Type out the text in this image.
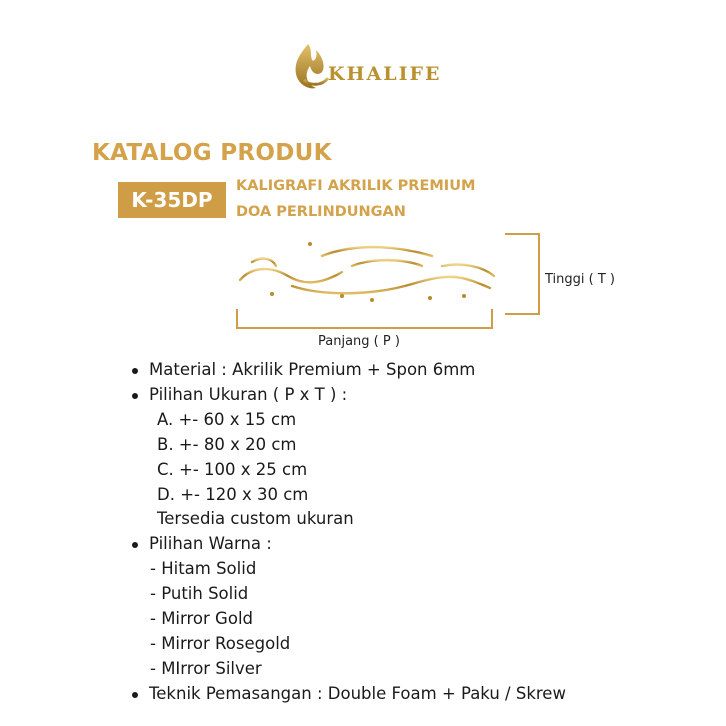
KHALIFE
KATALOG PRODUK
K-35DP
KALIGRAFI AKRILIK PREMIUM
DOA PERLINDUNGAN
Tinggi ( T )
Panjang ( P )
Material : Akrilik Premium + Spon 6mm
Pilihan Ukuran ( P x T ) :
A. +- 60 x 15 cm
B. +- 80 x 20 cm
C. +- 100 x 25 cm
D. +- 120 x 30 cm
Tersedia custom ukuran
Pilihan Warna :
- Hitam Solid
- Putih Solid
- Mirror Gold
- Mirror Rosegold
- MIrror Silver
Teknik Pemasangan : Double Foam + Paku / Skrew
